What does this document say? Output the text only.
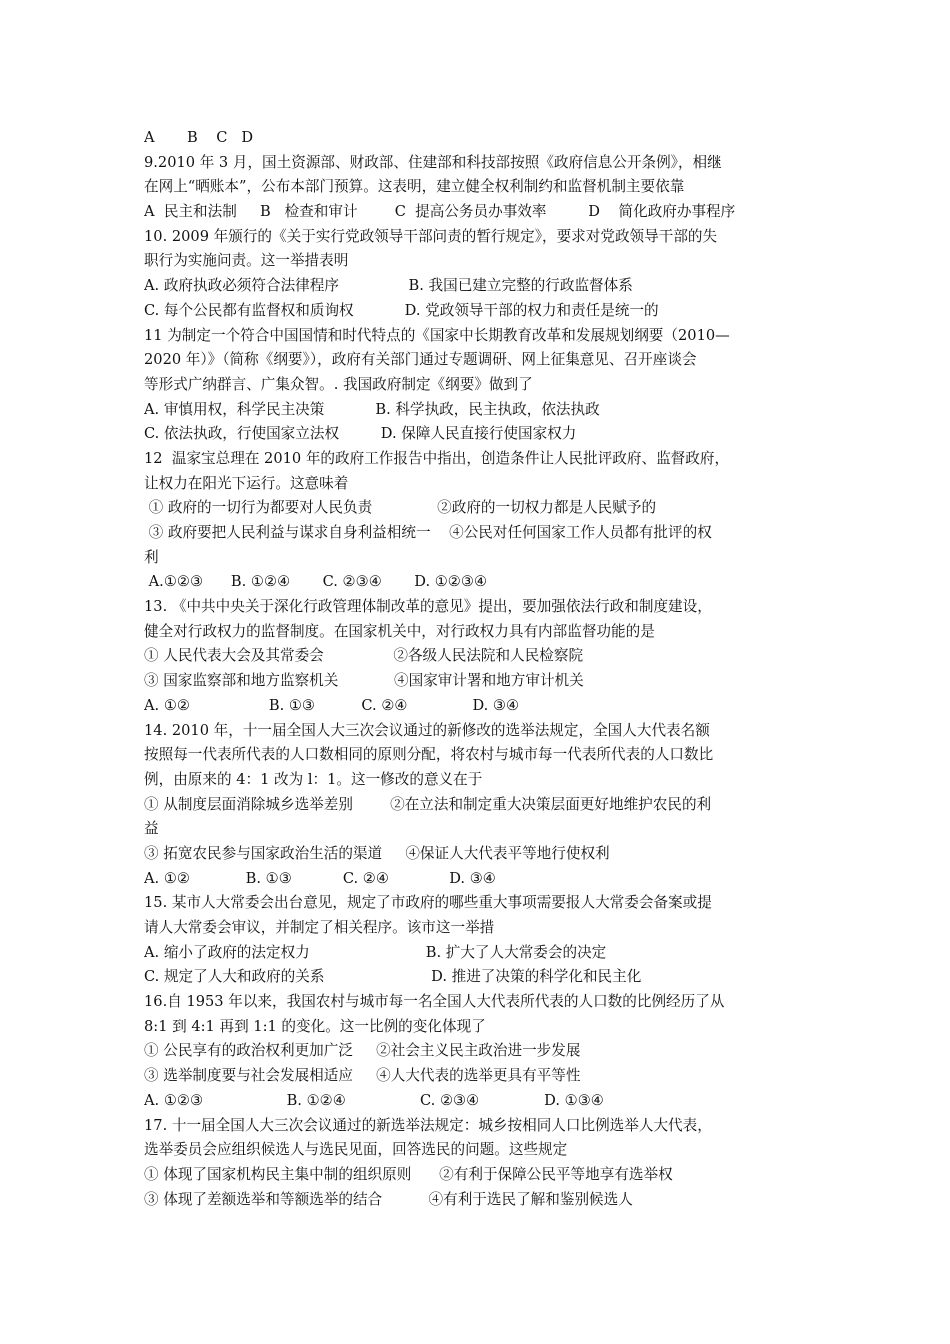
A       B    C   D
9.2010 年 3 月，国土资源部、财政部、住建部和科技部按照《政府信息公开条例》，相继
在网上“晒账本”，公布本部门预算。这表明，建立健全权利制约和监督机制主要依靠
A  民主和法制     B   检查和审计        C  提高公务员办事效率         D    简化政府办事程序
10. 2009 年颁行的《关于实行党政领导干部问责的暂行规定》，要求对党政领导干部的失
职行为实施问责。这一举措表明
A. 政府执政必须符合法律程序               B. 我国已建立完整的行政监督体系
C. 每个公民都有监督权和质询权           D. 党政领导干部的权力和责任是统一的
11 为制定一个符合中国国情和时代特点的《国家中长期教育改革和发展规划纲要（2010—
2020 年）》（简称《纲要》），政府有关部门通过专题调研、网上征集意见、召开座谈会
等形式广纳群言、广集众智。. 我国政府制定《纲要》做到了
A. 审慎用权，科学民主决策           B. 科学执政，民主执政，依法执政
C. 依法执政，行使国家立法权         D. 保障人民直接行使国家权力
12  温家宝总理在 2010 年的政府工作报告中指出，创造条件让人民批评政府、监督政府，
让权力在阳光下运行。这意味着
① 政府的一切行为都要对人民负责              ②政府的一切权力都是人民赋予的
③ 政府要把人民利益与谋求自身利益相统一    ④公民对任何国家工作人员都有批评的权
利
A.①②③      B. ①②④       C. ②③④       D. ①②③④
13. 《中共中央关于深化行政管理体制改革的意见》提出，要加强依法行政和制度建设，
健全对行政权力的监督制度。在国家机关中，对行政权力具有内部监督功能的是
① 人民代表大会及其常委会               ②各级人民法院和人民检察院
③ 国家监察部和地方监察机关            ④国家审计署和地方审计机关
A. ①②                 B. ①③          C. ②④              D. ③④
14. 2010 年，十一届全国人大三次会议通过的新修改的选举法规定，全国人大代表名额
按照每一代表所代表的人口数相同的原则分配，将农村与城市每一代表所代表的人口数比
例，由原来的 4：1 改为 l：1。这一修改的意义在于
① 从制度层面消除城乡选举差别        ②在立法和制定重大决策层面更好地维护农民的利
益
③ 拓宽农民参与国家政治生活的渠道     ④保证人大代表平等地行使权利
A. ①②            B. ①③           C. ②④             D. ③④
15. 某市人大常委会出台意见，规定了市政府的哪些重大事项需要报人大常委会备案或提
请人大常委会审议，并制定了相关程序。该市这一举措
A. 缩小了政府的法定权力                         B. 扩大了人大常委会的决定
C. 规定了人大和政府的关系                       D. 推进了决策的科学化和民主化
16.自 1953 年以来，我国农村与城市每一名全国人大代表所代表的人口数的比例经历了从
8:1 到 4:1 再到 1:1 的变化。这一比例的变化体现了
① 公民享有的政治权利更加广泛     ②社会主义民主政治进一步发展
③ 选举制度要与社会发展相适应     ④人大代表的选举更具有平等性
A. ①②③                  B. ①②④                C. ②③④              D. ①③④
17. 十一届全国人大三次会议通过的新选举法规定：城乡按相同人口比例选举人大代表，
选举委员会应组织候选人与选民见面，回答选民的问题。这些规定
① 体现了国家机构民主集中制的组织原则      ②有利于保障公民平等地享有选举权
③ 体现了差额选举和等额选举的结合          ④有利于选民了解和鉴别候选人
